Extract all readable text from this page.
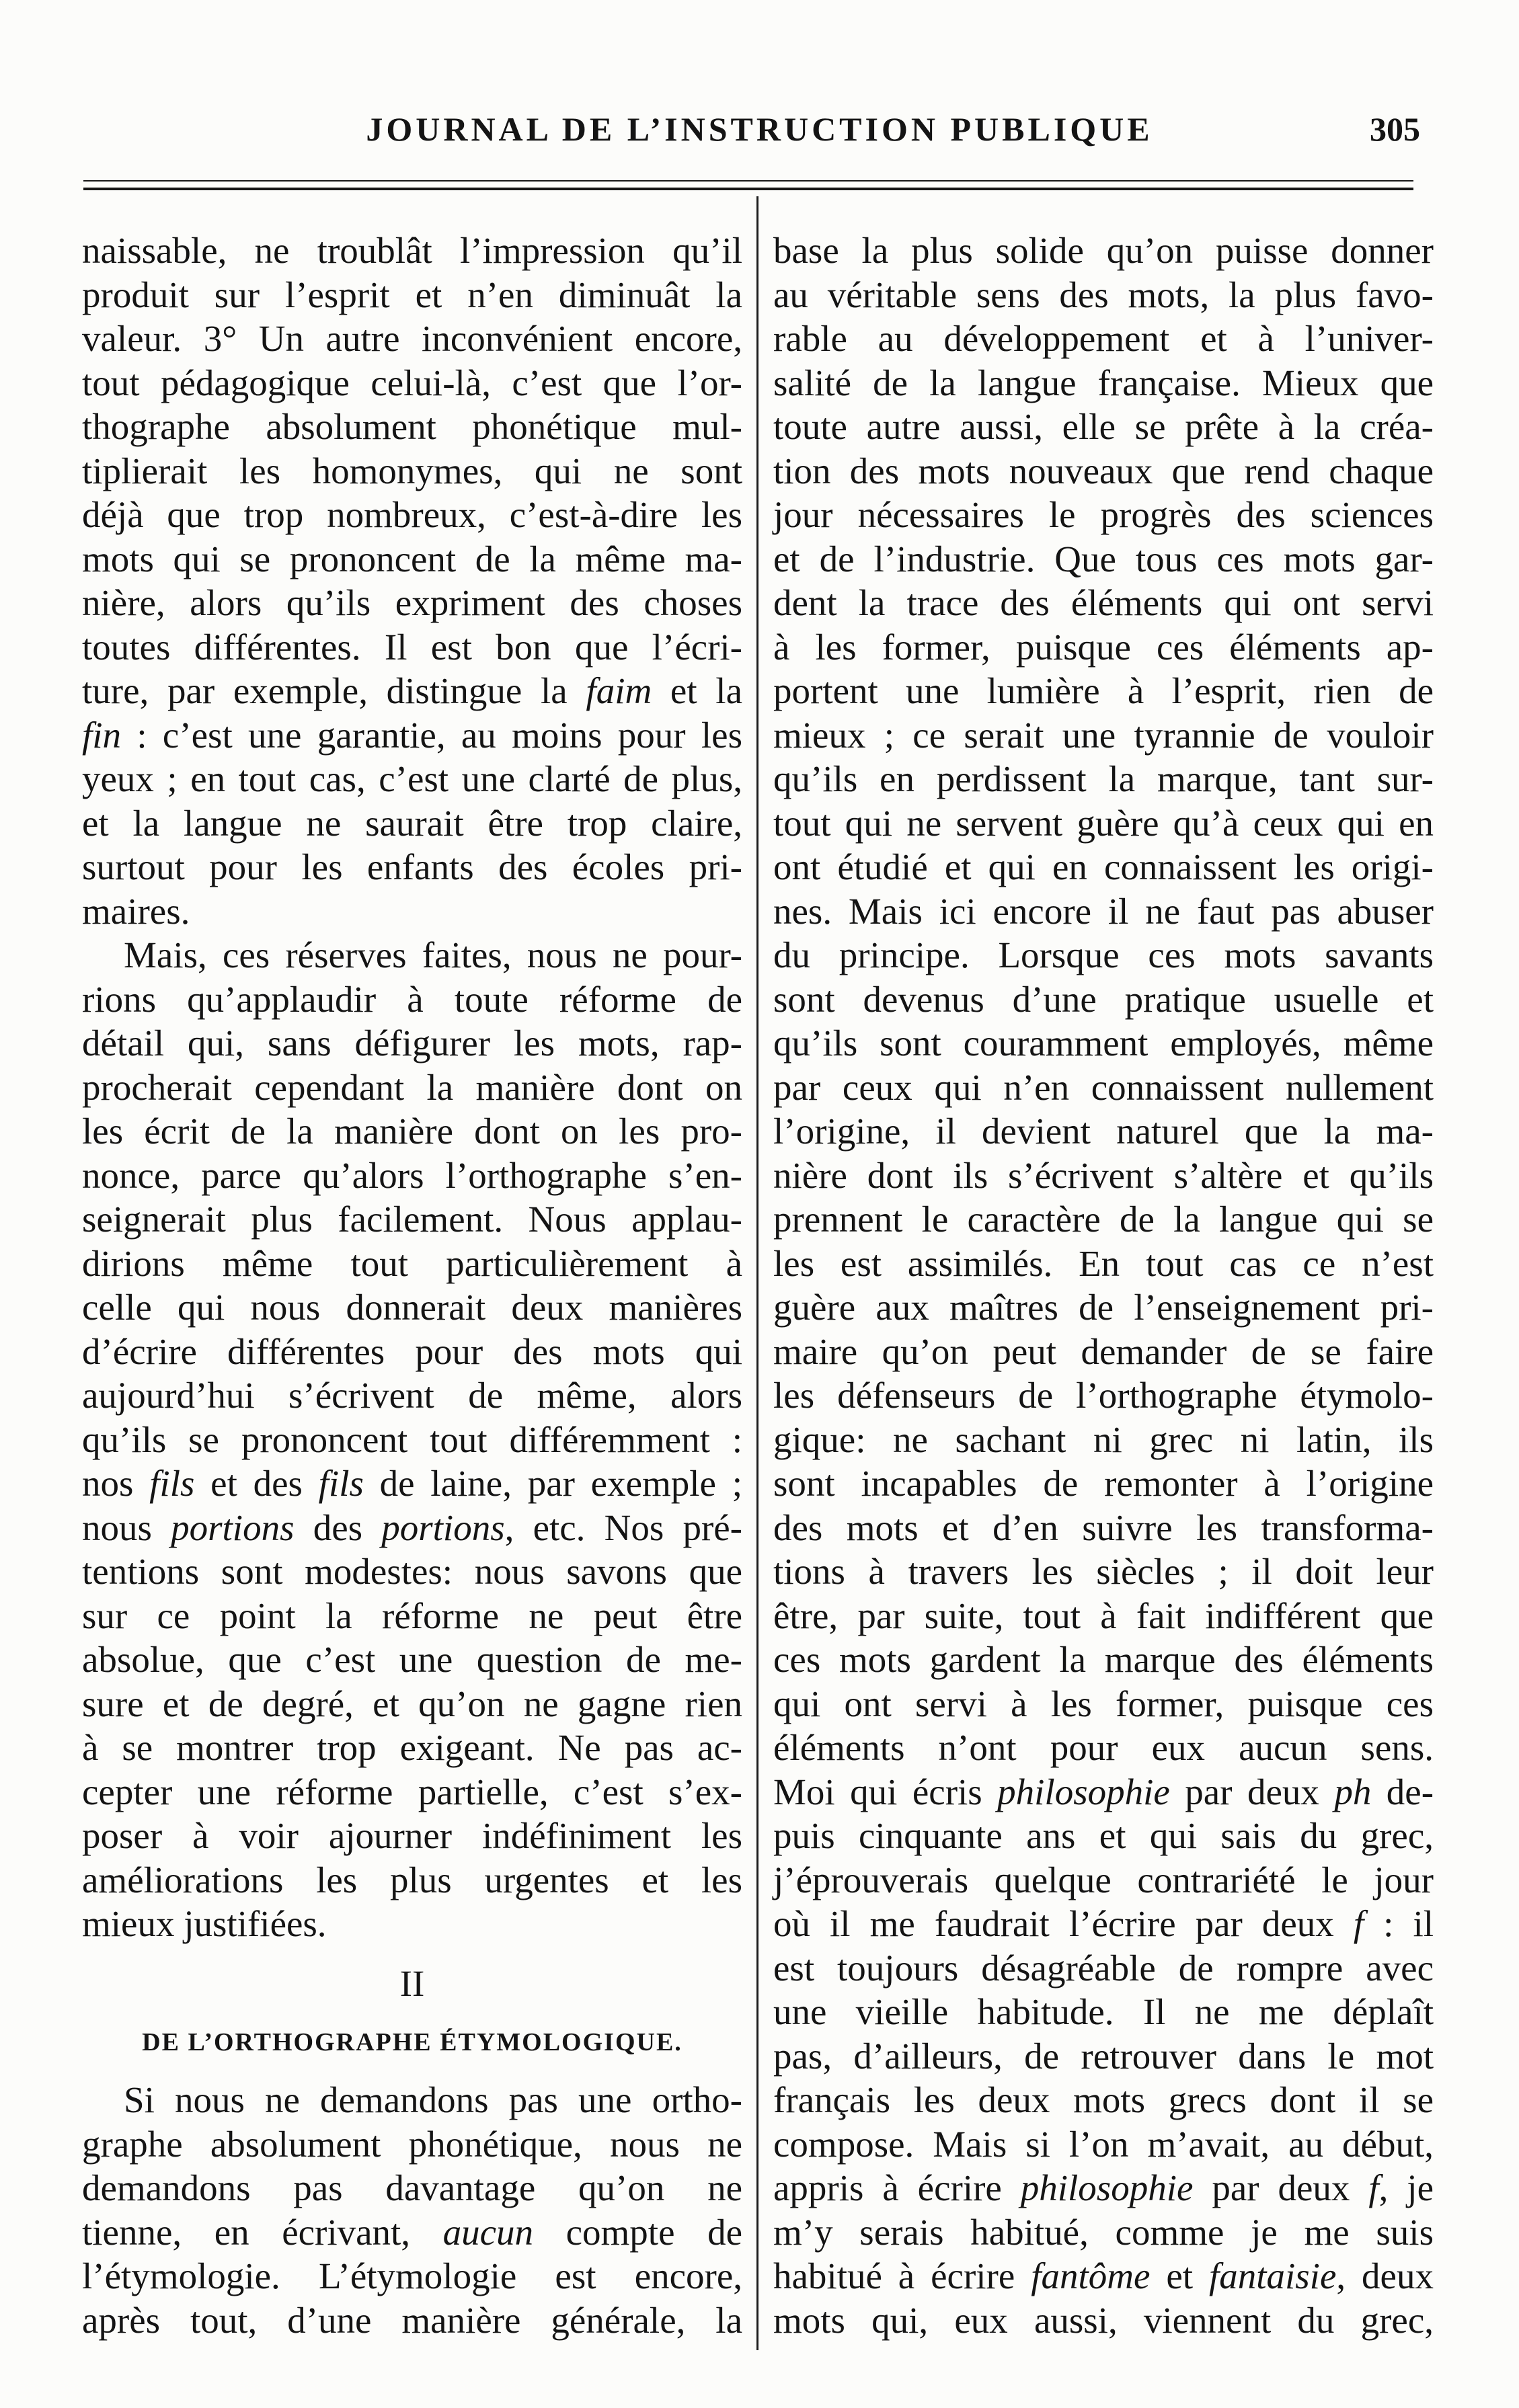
JOURNAL DE L’INSTRUCTION PUBLIQUE	305
naissable, ne troublât l’impression qu’il
produit sur l’esprit et n’en diminuât la
valeur. 3° Un autre inconvénient encore,
tout pédagogique celui-là, c’est que l’or-
thographe absolument phonétique mul-
tiplierait les homonymes, qui ne sont
déjà que trop nombreux, c’est-à-dire les
mots qui se prononcent de la même ma-
nière, alors qu’ils expriment des choses
toutes différentes. Il est bon que l’écri-
ture, par exemple, distingue la faim et la
fin : c’est une garantie, au moins pour les
yeux ; en tout cas, c’est une clarté de plus,
et la langue ne saurait être trop claire,
surtout pour les enfants des écoles pri-
maires.
Mais, ces réserves faites, nous ne pour-
rions qu’applaudir à toute réforme de
détail qui, sans défigurer les mots, rap-
procherait cependant la manière dont on
les écrit de la manière dont on les pro-
nonce, parce qu’alors l’orthographe s’en-
seignerait plus facilement. Nous applau-
dirions même tout particulièrement à
celle qui nous donnerait deux manières
d’écrire différentes pour des mots qui
aujourd’hui s’écrivent de même, alors
qu’ils se prononcent tout différemment :
nos fils et des fils de laine, par exemple ;
nous portions des portions, etc. Nos pré-
tentions sont modestes: nous savons que
sur ce point la réforme ne peut être
absolue, que c’est une question de me-
sure et de degré, et qu’on ne gagne rien
à se montrer trop exigeant. Ne pas ac-
cepter une réforme partielle, c’est s’ex-
poser à voir ajourner indéfiniment les
améliorations les plus urgentes et les
mieux justifiées.
II
DE L’ORTHOGRAPHE ÉTYMOLOGIQUE.
Si nous ne demandons pas une ortho-
graphe absolument phonétique, nous ne
demandons pas davantage qu’on ne
tienne, en écrivant, aucun compte de
l’étymologie. L’étymologie est encore,
après tout, d’une manière générale, la
base la plus solide qu’on puisse donner
au véritable sens des mots, la plus favo-
rable au développement et à l’univer-
salité de la langue française. Mieux que
toute autre aussi, elle se prête à la créa-
tion des mots nouveaux que rend chaque
jour nécessaires le progrès des sciences
et de l’industrie. Que tous ces mots gar-
dent la trace des éléments qui ont servi
à les former, puisque ces éléments ap-
portent une lumière à l’esprit, rien de
mieux ; ce serait une tyrannie de vouloir
qu’ils en perdissent la marque, tant sur-
tout qui ne servent guère qu’à ceux qui en
ont étudié et qui en connaissent les origi-
nes. Mais ici encore il ne faut pas abuser
du principe. Lorsque ces mots savants
sont devenus d’une pratique usuelle et
qu’ils sont couramment employés, même
par ceux qui n’en connaissent nullement
l’origine, il devient naturel que la ma-
nière dont ils s’écrivent s’altère et qu’ils
prennent le caractère de la langue qui se
les est assimilés. En tout cas ce n’est
guère aux maîtres de l’enseignement pri-
maire qu’on peut demander de se faire
les défenseurs de l’orthographe étymolo-
gique: ne sachant ni grec ni latin, ils
sont incapables de remonter à l’origine
des mots et d’en suivre les transforma-
tions à travers les siècles ; il doit leur
être, par suite, tout à fait indifférent que
ces mots gardent la marque des éléments
qui ont servi à les former, puisque ces
éléments n’ont pour eux aucun sens.
Moi qui écris philosophie par deux ph de-
puis cinquante ans et qui sais du grec,
j’éprouverais quelque contrariété le jour
où il me faudrait l’écrire par deux f : il
est toujours désagréable de rompre avec
une vieille habitude. Il ne me déplaît
pas, d’ailleurs, de retrouver dans le mot
français les deux mots grecs dont il se
compose. Mais si l’on m’avait, au début,
appris à écrire philosophie par deux f, je
m’y serais habitué, comme je me suis
habitué à écrire fantôme et fantaisie, deux
mots qui, eux aussi, viennent du grec,
